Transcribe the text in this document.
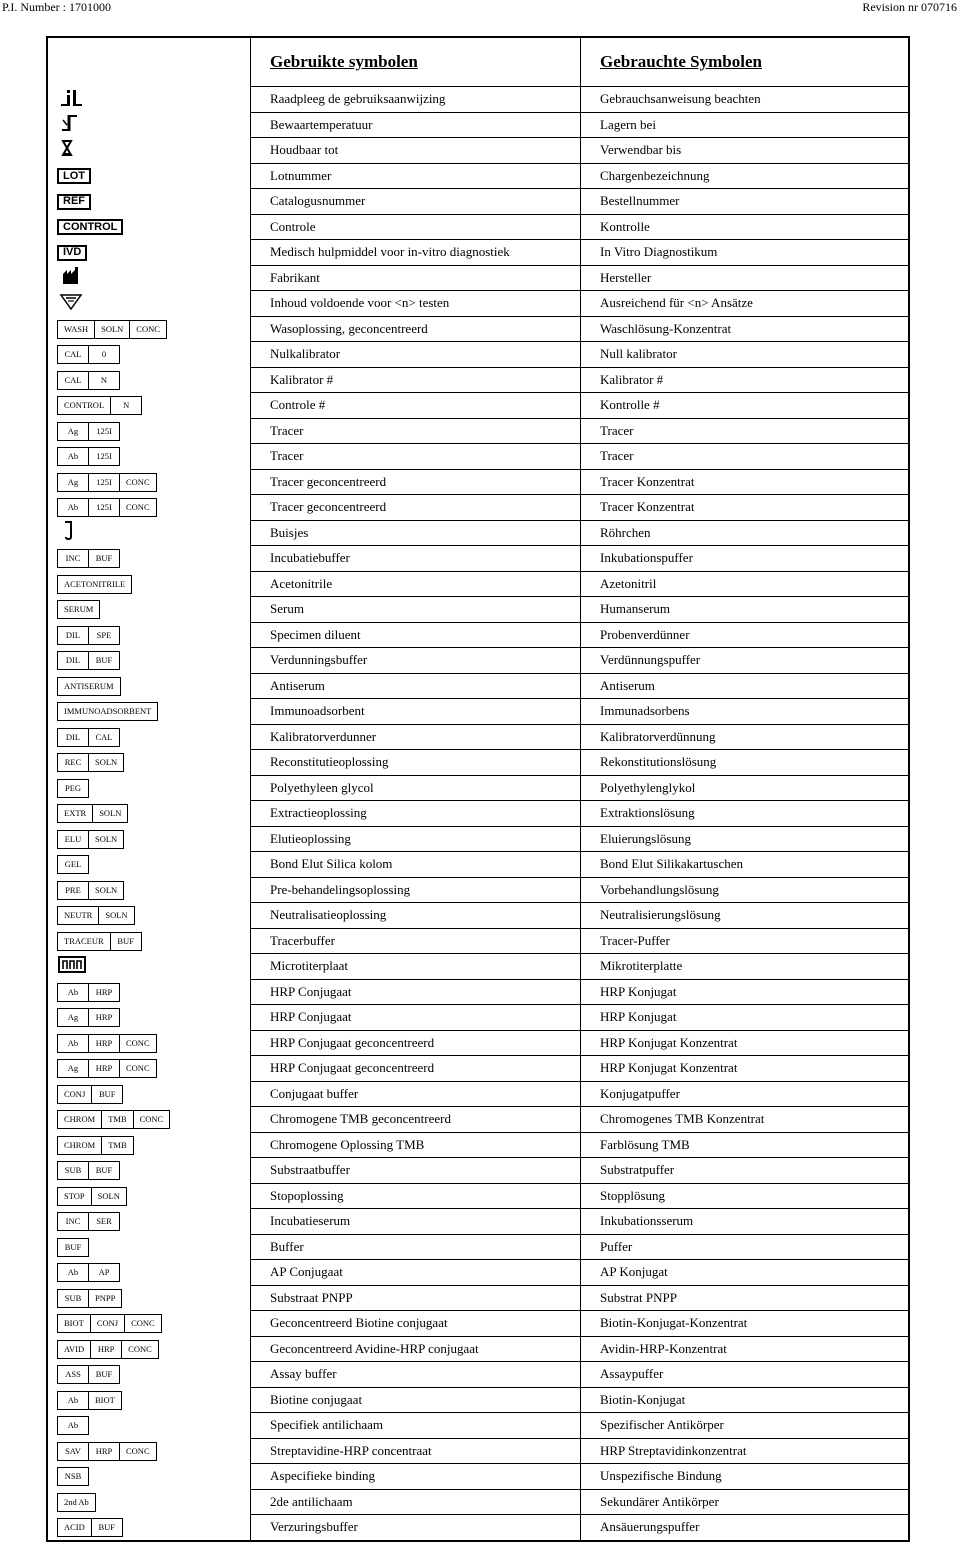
P.I. Number : 1701000	Revision nr 070716
Gebruikte symbolen	Gebrauchte Symbolen
Raadpleeg de gebruiksaanwijzing	Gebrauchsanweisung beachten
Bewaartemperatuur	Lagern bei
Houdbaar tot	Verwendbar bis
LOT	Lotnummer	Chargenbezeichnung
REF	Catalogusnummer	Bestellnummer
CONTROL	Controle	Kontrolle
IVD	Medisch hulpmiddel voor in-vitro diagnostiek	In Vitro Diagnostikum
Fabrikant	Hersteller
Inhoud voldoende voor <n> testen	Ausreichend für <n> Ansätze
WASH	SOLN	CONC	Wasoplossing, geconcentreerd	Waschlösung-Konzentrat
CAL	0	Nulkalibrator	Null kalibrator
CAL	N	Kalibrator #	Kalibrator #
CONTROL	N	Controle #	Kontrolle #
Ag	125I	Tracer	Tracer
Ab	125I	Tracer	Tracer
Ag	125I	CONC	Tracer geconcentreerd	Tracer Konzentrat
Ab	125I	CONC	Tracer geconcentreerd	Tracer Konzentrat
Buisjes	Röhrchen
INC	BUF	Incubatiebuffer	Inkubationspuffer
ACETONITRILE	Acetonitrile	Azetonitril
SERUM	Serum	Humanserum
DIL	SPE	Specimen diluent	Probenverdünner
DIL	BUF	Verdunningsbuffer	Verdünnungspuffer
ANTISERUM	Antiserum	Antiserum
IMMUNOADSORBENT	Immunoadsorbent	Immunadsorbens
DIL	CAL	Kalibratorverdunner	Kalibratorverdünnung
REC	SOLN	Reconstitutieoplossing	Rekonstitutionslösung
PEG	Polyethyleen glycol	Polyethylenglykol
EXTR	SOLN	Extractieoplossing	Extraktionslösung
ELU	SOLN	Elutieoplossing	Eluierungslösung
GEL	Bond Elut Silica kolom	Bond Elut Silikakartuschen
PRE	SOLN	Pre-behandelingsoplossing	Vorbehandlungslösung
NEUTR	SOLN	Neutralisatieoplossing	Neutralisierungslösung
TRACEUR	BUF	Tracerbuffer	Tracer-Puffer
Microtiterplaat	Mikrotiterplatte
Ab	HRP	HRP Conjugaat	HRP Konjugat
Ag	HRP	HRP Conjugaat	HRP Konjugat
Ab	HRP	CONC	HRP Conjugaat geconcentreerd	HRP Konjugat Konzentrat
Ag	HRP	CONC	HRP Conjugaat geconcentreerd	HRP Konjugat Konzentrat
CONJ	BUF	Conjugaat buffer	Konjugatpuffer
CHROM	TMB	CONC	Chromogene TMB geconcentreerd	Chromogenes TMB Konzentrat
CHROM	TMB	Chromogene Oplossing TMB	Farblösung TMB
SUB	BUF	Substraatbuffer	Substratpuffer
STOP	SOLN	Stopoplossing	Stopplösung
INC	SER	Incubatieserum	Inkubationsserum
BUF	Buffer	Puffer
Ab	AP	AP Conjugaat	AP Konjugat
SUB	PNPP	Substraat PNPP	Substrat PNPP
BIOT	CONJ	CONC	Geconcentreerd Biotine conjugaat	Biotin-Konjugat-Konzentrat
AVID	HRP	CONC	Geconcentreerd Avidine-HRP conjugaat	Avidin-HRP-Konzentrat
ASS	BUF	Assay buffer	Assaypuffer
Ab	BIOT	Biotine conjugaat	Biotin-Konjugat
Ab	Specifiek antilichaam	Spezifischer Antikörper
SAV	HRP	CONC	Streptavidine-HRP concentraat	HRP Streptavidinkonzentrat
NSB	Aspecifieke binding	Unspezifische Bindung
2nd Ab	2de antilichaam	Sekundärer Antikörper
ACID	BUF	Verzuringsbuffer	Ansäuerungspuffer
